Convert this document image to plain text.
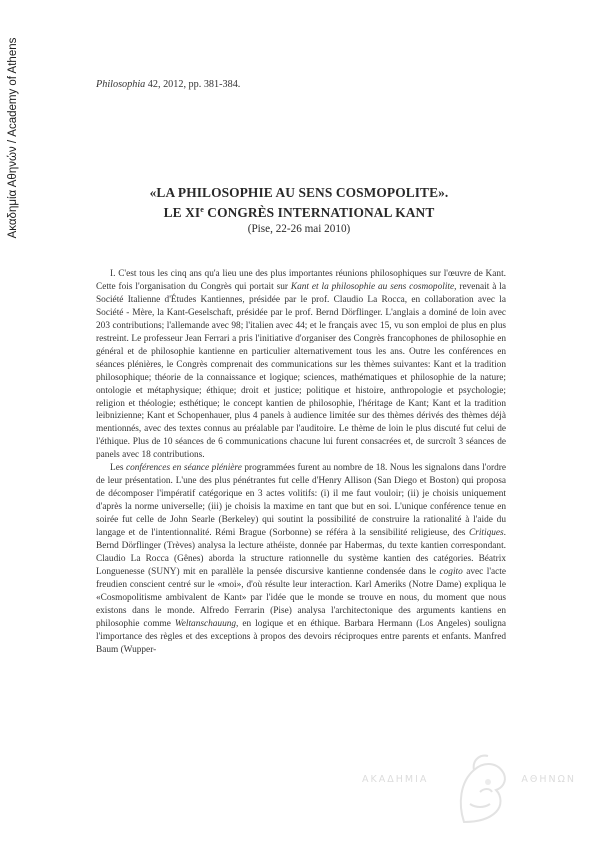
Ακαδημία Αθηνών / Academy of Athens	Philosophia 42, 2012, pp. 381-384.
«LA PHILOSOPHIE AU SENS COSMOPOLITE».
LE XIe CONGRÈS INTERNATIONAL KANT
(Pise, 22-26 mai 2010)

I. C'est tous les cinq ans qu'a lieu une des plus importantes réunions philosophiques sur l'œuvre de Kant. Cette fois l'organisation du Congrès qui portait sur Kant et la philosophie au sens cosmopolite, revenait à la Société Italienne d'Études Kantiennes, présidée par le prof. Claudio La Rocca, en collaboration avec la Société - Mère, la Kant-Geselschaft, présidée par le prof. Bernd Dörflinger. L'anglais a dominé de loin avec 203 contributions; l'allemande avec 98; l'italien avec 44; et le français avec 15, vu son emploi de plus en plus restreint. Le professeur Jean Ferrari a pris l'initiative d'organiser des Congrès francophones de philosophie en général et de philosophie kantienne en particulier alternativement tous les ans. Outre les conférences en séances plénières, le Congrès comprenait des communications sur les thèmes suivantes: Kant et la tradition philosophique; théorie de la connaissance et logique; sciences, mathématiques et philosophie de la nature; ontologie et métaphysique; éthique; droit et justice; politique et histoire, anthropologie et psychologie; religion et théologie; esthétique; le concept kantien de philosophie, l'héritage de Kant; Kant et la tradition leibnizienne; Kant et Schopenhauer, plus 4 panels à audience limitée sur des thèmes dérivés des thèmes déjà mentionnés, avec des textes connus au préalable par l'auditoire. Le thème de loin le plus discuté fut celui de l'éthique. Plus de 10 séances de 6 communications chacune lui furent consacrées et, de surcroît 3 séances de panels avec 18 contributions.

Les conférences en séance plénière programmées furent au nombre de 18. Nous les signalons dans l'ordre de leur présentation. L'une des plus pénétrantes fut celle d'Henry Allison (San Diego et Boston) qui proposa de décomposer l'impératif catégorique en 3 actes volitifs: (i) il me faut vouloir; (ii) je choisis uniquement d'après la norme universelle; (iii) je choisis la maxime en tant que but en soi. L'unique conférence tenue en soirée fut celle de John Searle (Berkeley) qui soutint la possibilité de construire la rationalité à l'aide du langage et de l'intentionnalité. Rémi Brague (Sorbonne) se référa à la sensibilité religieuse, des Critiques. Bernd Dörflinger (Trèves) analysa la lecture athéiste, donnée par Habermas, du texte kantien correspondant. Claudio La Rocca (Gênes) aborda la structure rationnelle du système kantien des catégories. Béatrix Longuenesse (SUNY) mit en parallèle la pensée discursive kantienne condensée dans le cogito avec l'acte freudien conscient centré sur le «moi», d'où résulte leur interaction. Karl Ameriks (Notre Dame) expliqua le «Cosmopolitisme ambivalent de Kant» par l'idée que le monde se trouve en nous, du moment que nous existons dans le monde. Alfredo Ferrarin (Pise) analysa l'architectonique des arguments kantiens en philosophie comme Weltanschauung, en logique et en éthique. Barbara Hermann (Los Angeles) souligna l'importance des règles et des exceptions à propos des devoirs réciproques entre parents et enfants. Manfred Baum (Wupper-

ΑΚΑΔΗΜΙΑ	ΑΘΗΝΩΝ
